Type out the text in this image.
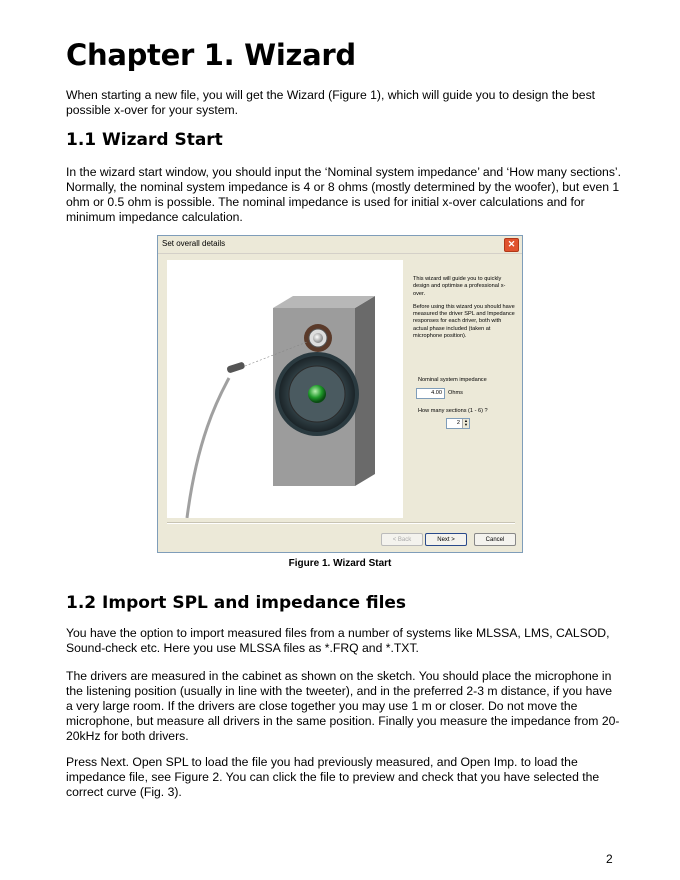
Chapter 1. Wizard

When starting a new file, you will get the Wizard (Figure 1), which will guide you to design the best possible x-over for your system.

1.1 Wizard Start

In the wizard start window, you should input the ‘Nominal system impedance’ and ‘How many sections’. Normally, the nominal system impedance is 4 or 8 ohms (mostly determined by the woofer), but even 1 ohm or 0.5 ohm is possible. The nominal impedance is used for initial x-over calculations and for minimum impedance calculation.

Set overall details	✕
This wizard will guide you to quickly design and optimise a professional x-over.
Before using this wizard you should have measured the driver SPL and Impedance responses for each driver, both with actual phase included (taken at microphone position).
Nominal system impedance
4.00	Ohms
How many sections (1 - 6) ?
2	▲
▼
< Back	Next >	Cancel
Figure 1. Wizard Start
1.2 Import SPL and impedance files

You have the option to import measured files from a number of systems like MLSSA, LMS, CALSOD, Sound-check etc. Here you use MLSSA files as *.FRQ and *.TXT.

The drivers are measured in the cabinet as shown on the sketch. You should place the microphone in the listening position (usually in line with the tweeter), and in the preferred 2-3 m distance, if you have a very large room. If the drivers are close together you may use 1 m or closer. Do not move the microphone, but measure all drivers in the same position. Finally you measure the impedance from 20-20kHz for both drivers.

Press Next. Open SPL to load the file you had previously measured, and Open Imp. to load the impedance file, see Figure 2. You can click the file to preview and check that you have selected the correct curve (Fig. 3).

2
